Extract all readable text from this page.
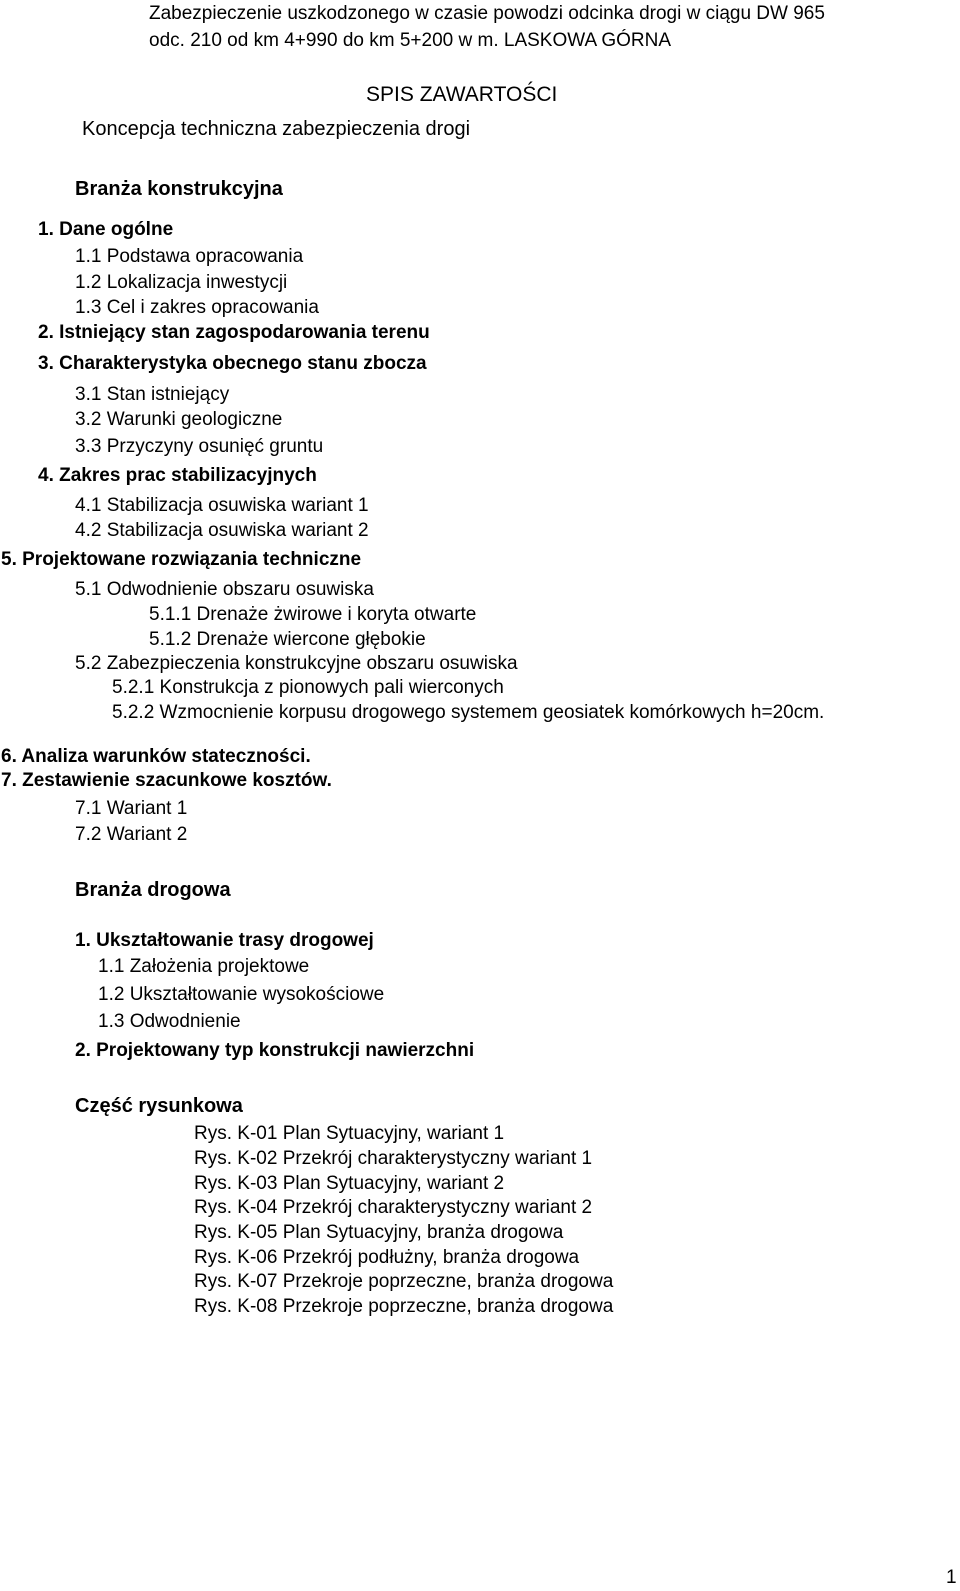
Zabezpieczenie uszkodzonego w czasie powodzi odcinka drogi w ciągu DW 965
odc. 210 od km 4+990 do km 5+200 w m. LASKOWA GÓRNA
SPIS ZAWARTOŚCI
Koncepcja techniczna zabezpieczenia drogi
Branża konstrukcyjna
1. Dane ogólne
1.1 Podstawa opracowania
1.2 Lokalizacja inwestycji
1.3 Cel i zakres opracowania
2. Istniejący stan zagospodarowania terenu
3. Charakterystyka obecnego stanu zbocza
3.1 Stan istniejący
3.2 Warunki geologiczne
3.3 Przyczyny osunięć gruntu
4. Zakres prac stabilizacyjnych
4.1 Stabilizacja osuwiska wariant 1
4.2 Stabilizacja osuwiska wariant 2
5. Projektowane rozwiązania techniczne
5.1 Odwodnienie obszaru osuwiska
5.1.1 Drenaże żwirowe i koryta otwarte
5.1.2 Drenaże wiercone głębokie
5.2 Zabezpieczenia konstrukcyjne obszaru osuwiska
5.2.1 Konstrukcja z pionowych pali wierconych
5.2.2 Wzmocnienie korpusu drogowego systemem geosiatek komórkowych h=20cm.
6. Analiza warunków stateczności.
7. Zestawienie szacunkowe kosztów.
7.1 Wariant 1
7.2 Wariant 2
Branża drogowa
1. Ukształtowanie trasy drogowej
1.1 Założenia projektowe
1.2 Ukształtowanie wysokościowe
1.3 Odwodnienie
2. Projektowany typ konstrukcji nawierzchni
Część rysunkowa
Rys. K-01 Plan Sytuacyjny, wariant 1
Rys. K-02 Przekrój charakterystyczny wariant 1
Rys. K-03 Plan Sytuacyjny, wariant 2
Rys. K-04 Przekrój charakterystyczny wariant 2
Rys. K-05 Plan Sytuacyjny, branża drogowa
Rys. K-06 Przekrój podłużny, branża drogowa
Rys. K-07 Przekroje poprzeczne, branża drogowa
Rys. K-08 Przekroje poprzeczne, branża drogowa
1
